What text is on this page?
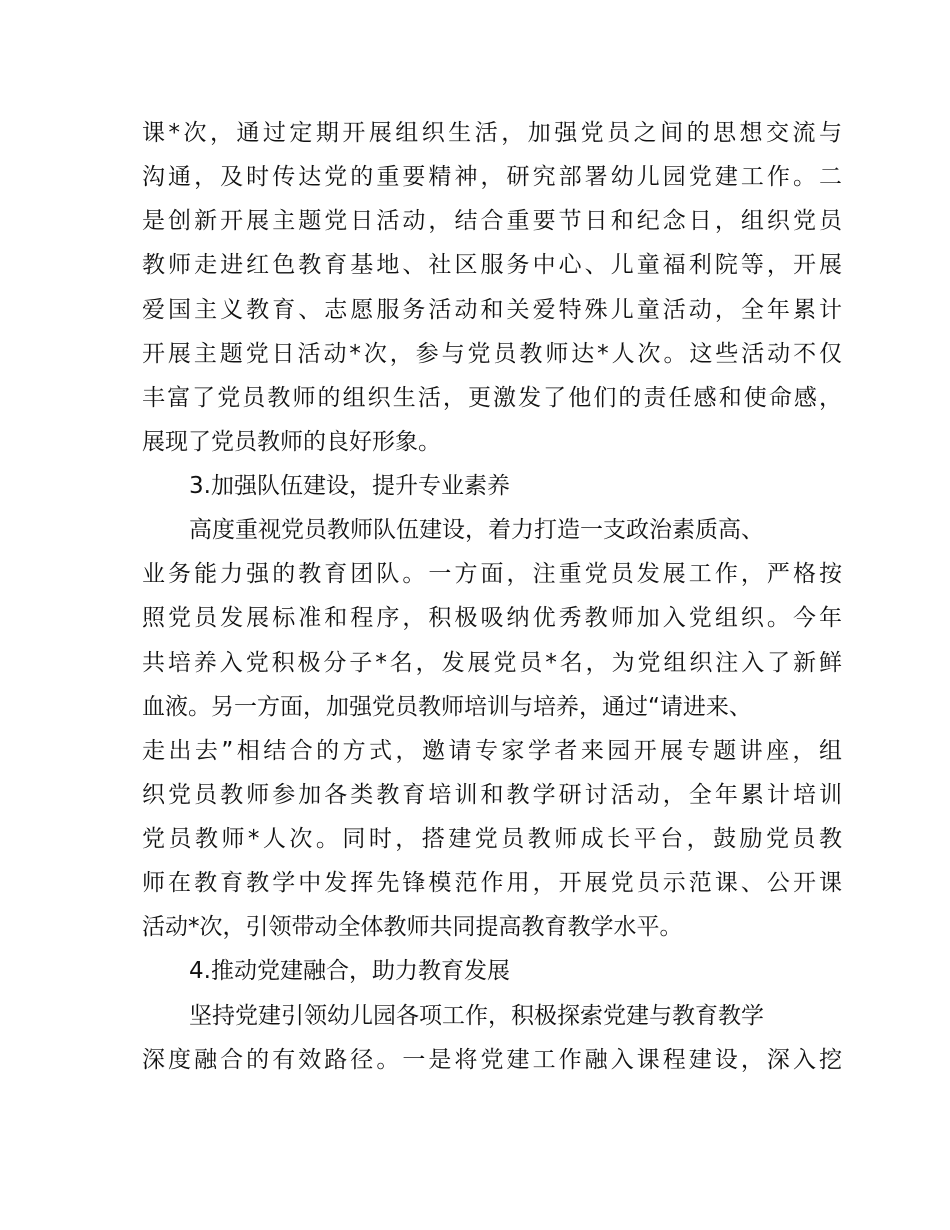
课*次，通过定期开展组织生活，加强党员之间的思想交流与
沟通，及时传达党的重要精神，研究部署幼儿园党建工作。二
是创新开展主题党日活动，结合重要节日和纪念日，组织党员
教师走进红色教育基地、社区服务中心、儿童福利院等，开展
爱国主义教育、志愿服务活动和关爱特殊儿童活动，全年累计
开展主题党日活动*次，参与党员教师达*人次。这些活动不仅
丰富了党员教师的组织生活，更激发了他们的责任感和使命感，
展现了党员教师的良好形象。
3.加强队伍建设，提升专业素养
高度重视党员教师队伍建设，着力打造一支政治素质高、
业务能力强的教育团队。一方面，注重党员发展工作，严格按
照党员发展标准和程序，积极吸纳优秀教师加入党组织。今年
共培养入党积极分子*名，发展党员*名，为党组织注入了新鲜
血液。另一方面，加强党员教师培训与培养，通过“请进来、
走出去”相结合的方式，邀请专家学者来园开展专题讲座，组
织党员教师参加各类教育培训和教学研讨活动，全年累计培训
党员教师*人次。同时，搭建党员教师成长平台，鼓励党员教
师在教育教学中发挥先锋模范作用，开展党员示范课、公开课
活动*次，引领带动全体教师共同提高教育教学水平。
4.推动党建融合，助力教育发展
坚持党建引领幼儿园各项工作，积极探索党建与教育教学
深度融合的有效路径。一是将党建工作融入课程建设，深入挖
